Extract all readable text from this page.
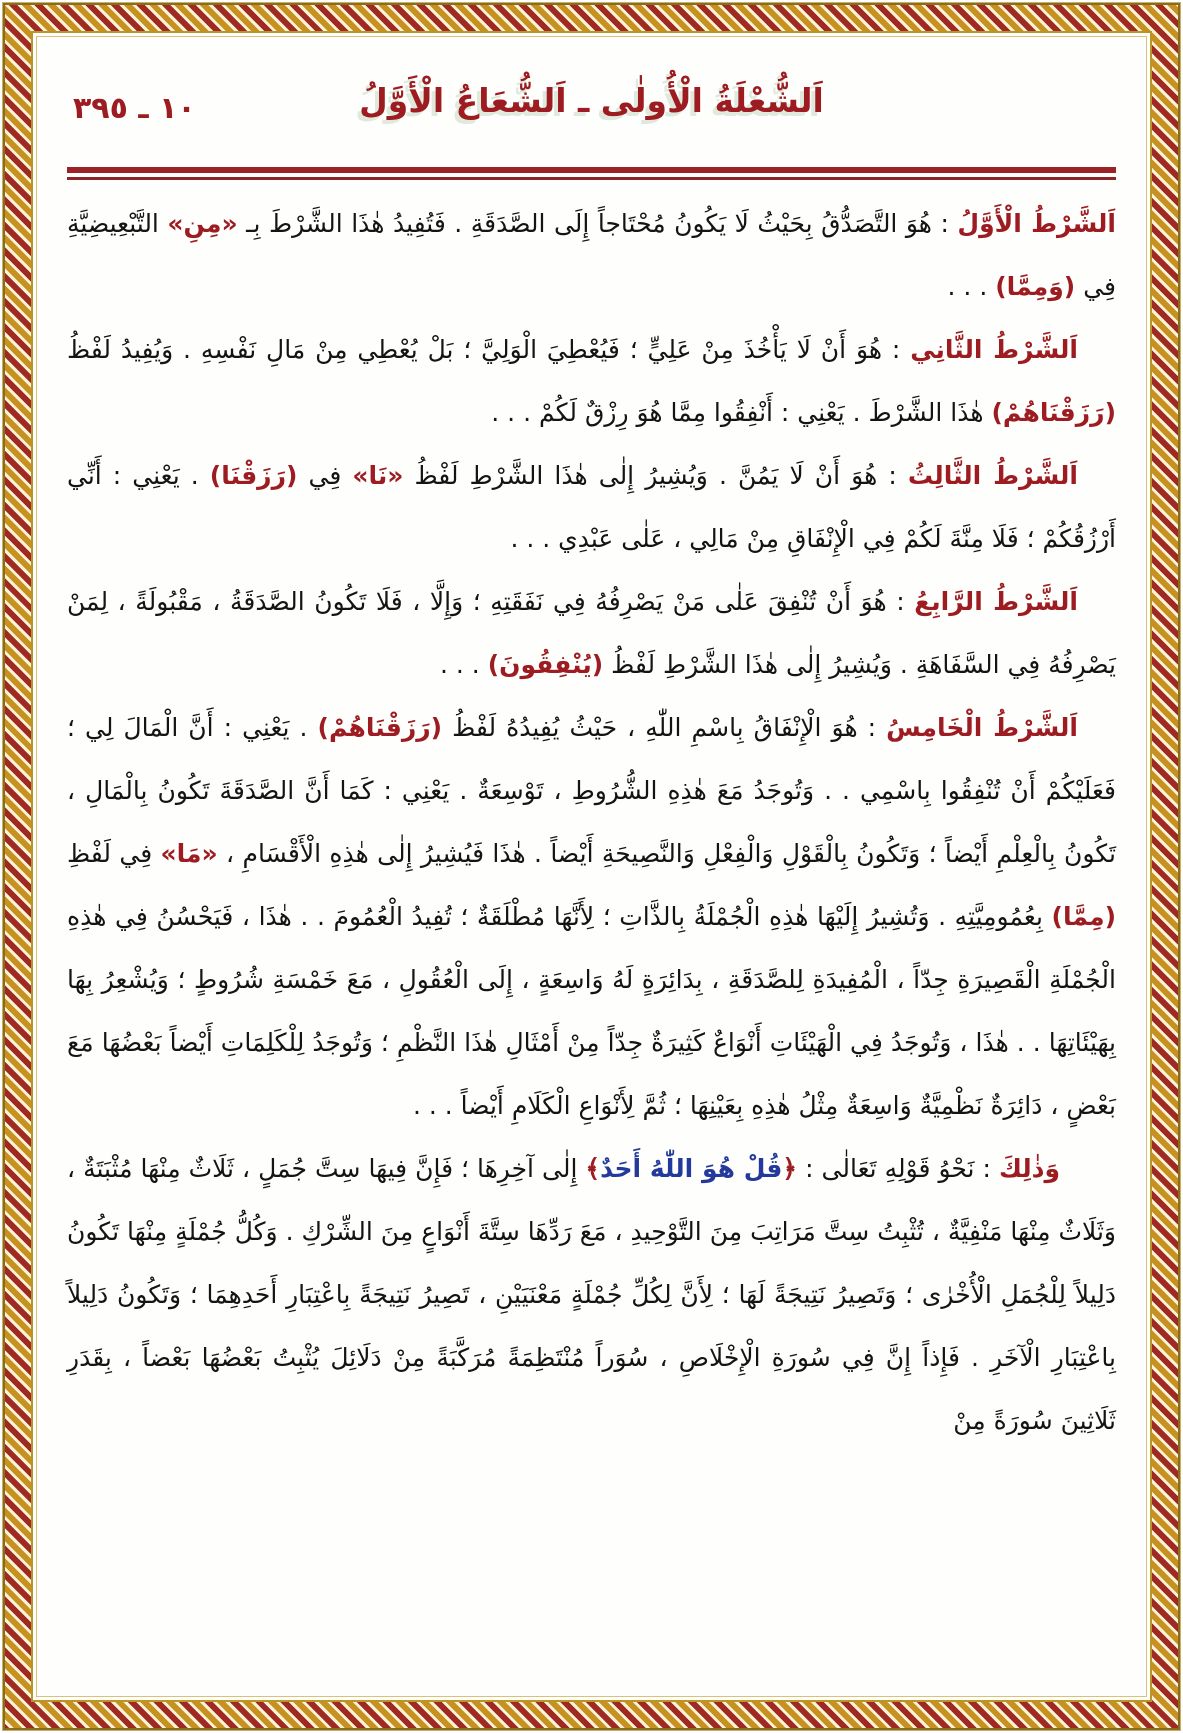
١٠ ـ ٣٩٥	اَلشُّعْلَةُ الْأُولٰى ـ اَلشُّعَاعُ الْأَوَّلُ

اَلشَّرْطُ الْأَوَّلُ : هُوَ التَّصَدُّقُ بِحَيْثُ لَا يَكُونُ مُحْتَاجاً إِلَى الصَّدَقَةِ . فَتُفِيدُ هٰذَا الشَّرْطَ بِـ «مِنِ» التَّبْعِيضِيَّةِ فِي (وَمِمَّا) . . .

اَلشَّرْطُ الثَّانِي : هُوَ أَنْ لَا يَأْخُذَ مِنْ عَلِيٍّ ؛ فَيُعْطِيَ الْوَلِيَّ ؛ بَلْ يُعْطِي مِنْ مَالِ نَفْسِهِ . وَيُفِيدُ لَفْظُ (رَزَقْنَاهُمْ) هٰذَا الشَّرْطَ . يَعْنِي : أَنْفِقُوا مِمَّا هُوَ رِزْقٌ لَكُمْ . . .

اَلشَّرْطُ الثَّالِثُ : هُوَ أَنْ لَا يَمُنَّ . وَيُشِيرُ إِلٰى هٰذَا الشَّرْطِ لَفْظُ «نَا» فِي (رَزَقْنَا) . يَعْنِي : أَنِّي أَرْزُقُكُمْ ؛ فَلَا مِنَّةَ لَكُمْ فِي الْإِنْفَاقِ مِنْ مَالِي ، عَلٰى عَبْدِي . . .

اَلشَّرْطُ الرَّابِعُ : هُوَ أَنْ تُنْفِقَ عَلٰى مَنْ يَصْرِفُهُ فِي نَفَقَتِهِ ؛ وَإِلَّا ، فَلَا تَكُونُ الصَّدَقَةُ ، مَقْبُولَةً ، لِمَنْ يَصْرِفُهُ فِي السَّفَاهَةِ . وَيُشِيرُ إِلٰى هٰذَا الشَّرْطِ لَفْظُ (يُنْفِقُونَ) . . .

اَلشَّرْطُ الْخَامِسُ : هُوَ الْإِنْفَاقُ بِاسْمِ اللّٰهِ ، حَيْثُ يُفِيدُهُ لَفْظُ (رَزَقْنَاهُمْ) . يَعْنِي : أَنَّ الْمَالَ لِي ؛ فَعَلَيْكُمْ أَنْ تُنْفِقُوا بِاسْمِي . . وَتُوجَدُ مَعَ هٰذِهِ الشُّرُوطِ ، تَوْسِعَةٌ . يَعْنِي : كَمَا أَنَّ الصَّدَقَةَ تَكُونُ بِالْمَالِ ، تَكُونُ بِالْعِلْمِ أَيْضاً ؛ وَتَكُونُ بِالْقَوْلِ وَالْفِعْلِ وَالنَّصِيحَةِ أَيْضاً . هٰذَا فَيُشِيرُ إِلٰى هٰذِهِ الْأَقْسَامِ ، «مَا» فِي لَفْظِ (مِمَّا) بِعُمُومِيَّتِهِ . وَتُشِيرُ إِلَيْهَا هٰذِهِ الْجُمْلَةُ بِالذَّاتِ ؛ لِأَنَّهَا مُطْلَقَةٌ ؛ تُفِيدُ الْعُمُومَ . . هٰذَا ، فَيَحْسُنُ فِي هٰذِهِ الْجُمْلَةِ الْقَصِيرَةِ جِدّاً ، الْمُفِيدَةِ لِلصَّدَقَةِ ، بِدَائِرَةٍ لَهُ وَاسِعَةٍ ، إِلَى الْعُقُولِ ، مَعَ خَمْسَةِ شُرُوطٍ ؛ وَيُشْعِرُ بِهَا بِهَيْئَاتِهَا . . هٰذَا ، وَتُوجَدُ فِي الْهَيْئَاتِ أَنْوَاعٌ كَثِيرَةٌ جِدّاً مِنْ أَمْثَالِ هٰذَا النَّظْمِ ؛ وَتُوجَدُ لِلْكَلِمَاتِ أَيْضاً بَعْضُهَا مَعَ بَعْضٍ ، دَائِرَةٌ نَظْمِيَّةٌ وَاسِعَةٌ مِثْلُ هٰذِهِ بِعَيْنِهَا ؛ ثُمَّ لِأَنْوَاعِ الْكَلَامِ أَيْضاً . . .

وَذٰلِكَ : نَحْوُ قَوْلِهِ تَعَالٰى : ﴿قُلْ هُوَ اللّٰهُ أَحَدٌ﴾ إِلٰى آخِرِهَا ؛ فَإِنَّ فِيهَا سِتَّ جُمَلٍ ، ثَلَاثٌ مِنْهَا مُثْبَتَةٌ ، وَثَلَاثٌ مِنْهَا مَنْفِيَّةٌ ، تُثْبِتُ سِتَّ مَرَاتِبَ مِنَ التَّوْحِيدِ ، مَعَ رَدِّهَا سِتَّةَ أَنْوَاعٍ مِنَ الشِّرْكِ . وَكُلُّ جُمْلَةٍ مِنْهَا تَكُونُ دَلِيلاً لِلْجُمَلِ الْأُخْرٰى ؛ وَتَصِيرُ نَتِيجَةً لَهَا ؛ لِأَنَّ لِكُلِّ جُمْلَةٍ مَعْنَيَيْنِ ، تَصِيرُ نَتِيجَةً بِاعْتِبَارِ أَحَدِهِمَا ؛ وَتَكُونُ دَلِيلاً بِاعْتِبَارِ الْآخَرِ . فَإِذاً إِنَّ فِي سُورَةِ الْإِخْلَاصِ ، سُوَراً مُنْتَظِمَةً مُرَكَّبَةً مِنْ دَلَائِلَ يُثْبِتُ بَعْضُهَا بَعْضاً ، بِقَدَرِ ثَلَاثِينَ سُورَةً مِنْ
